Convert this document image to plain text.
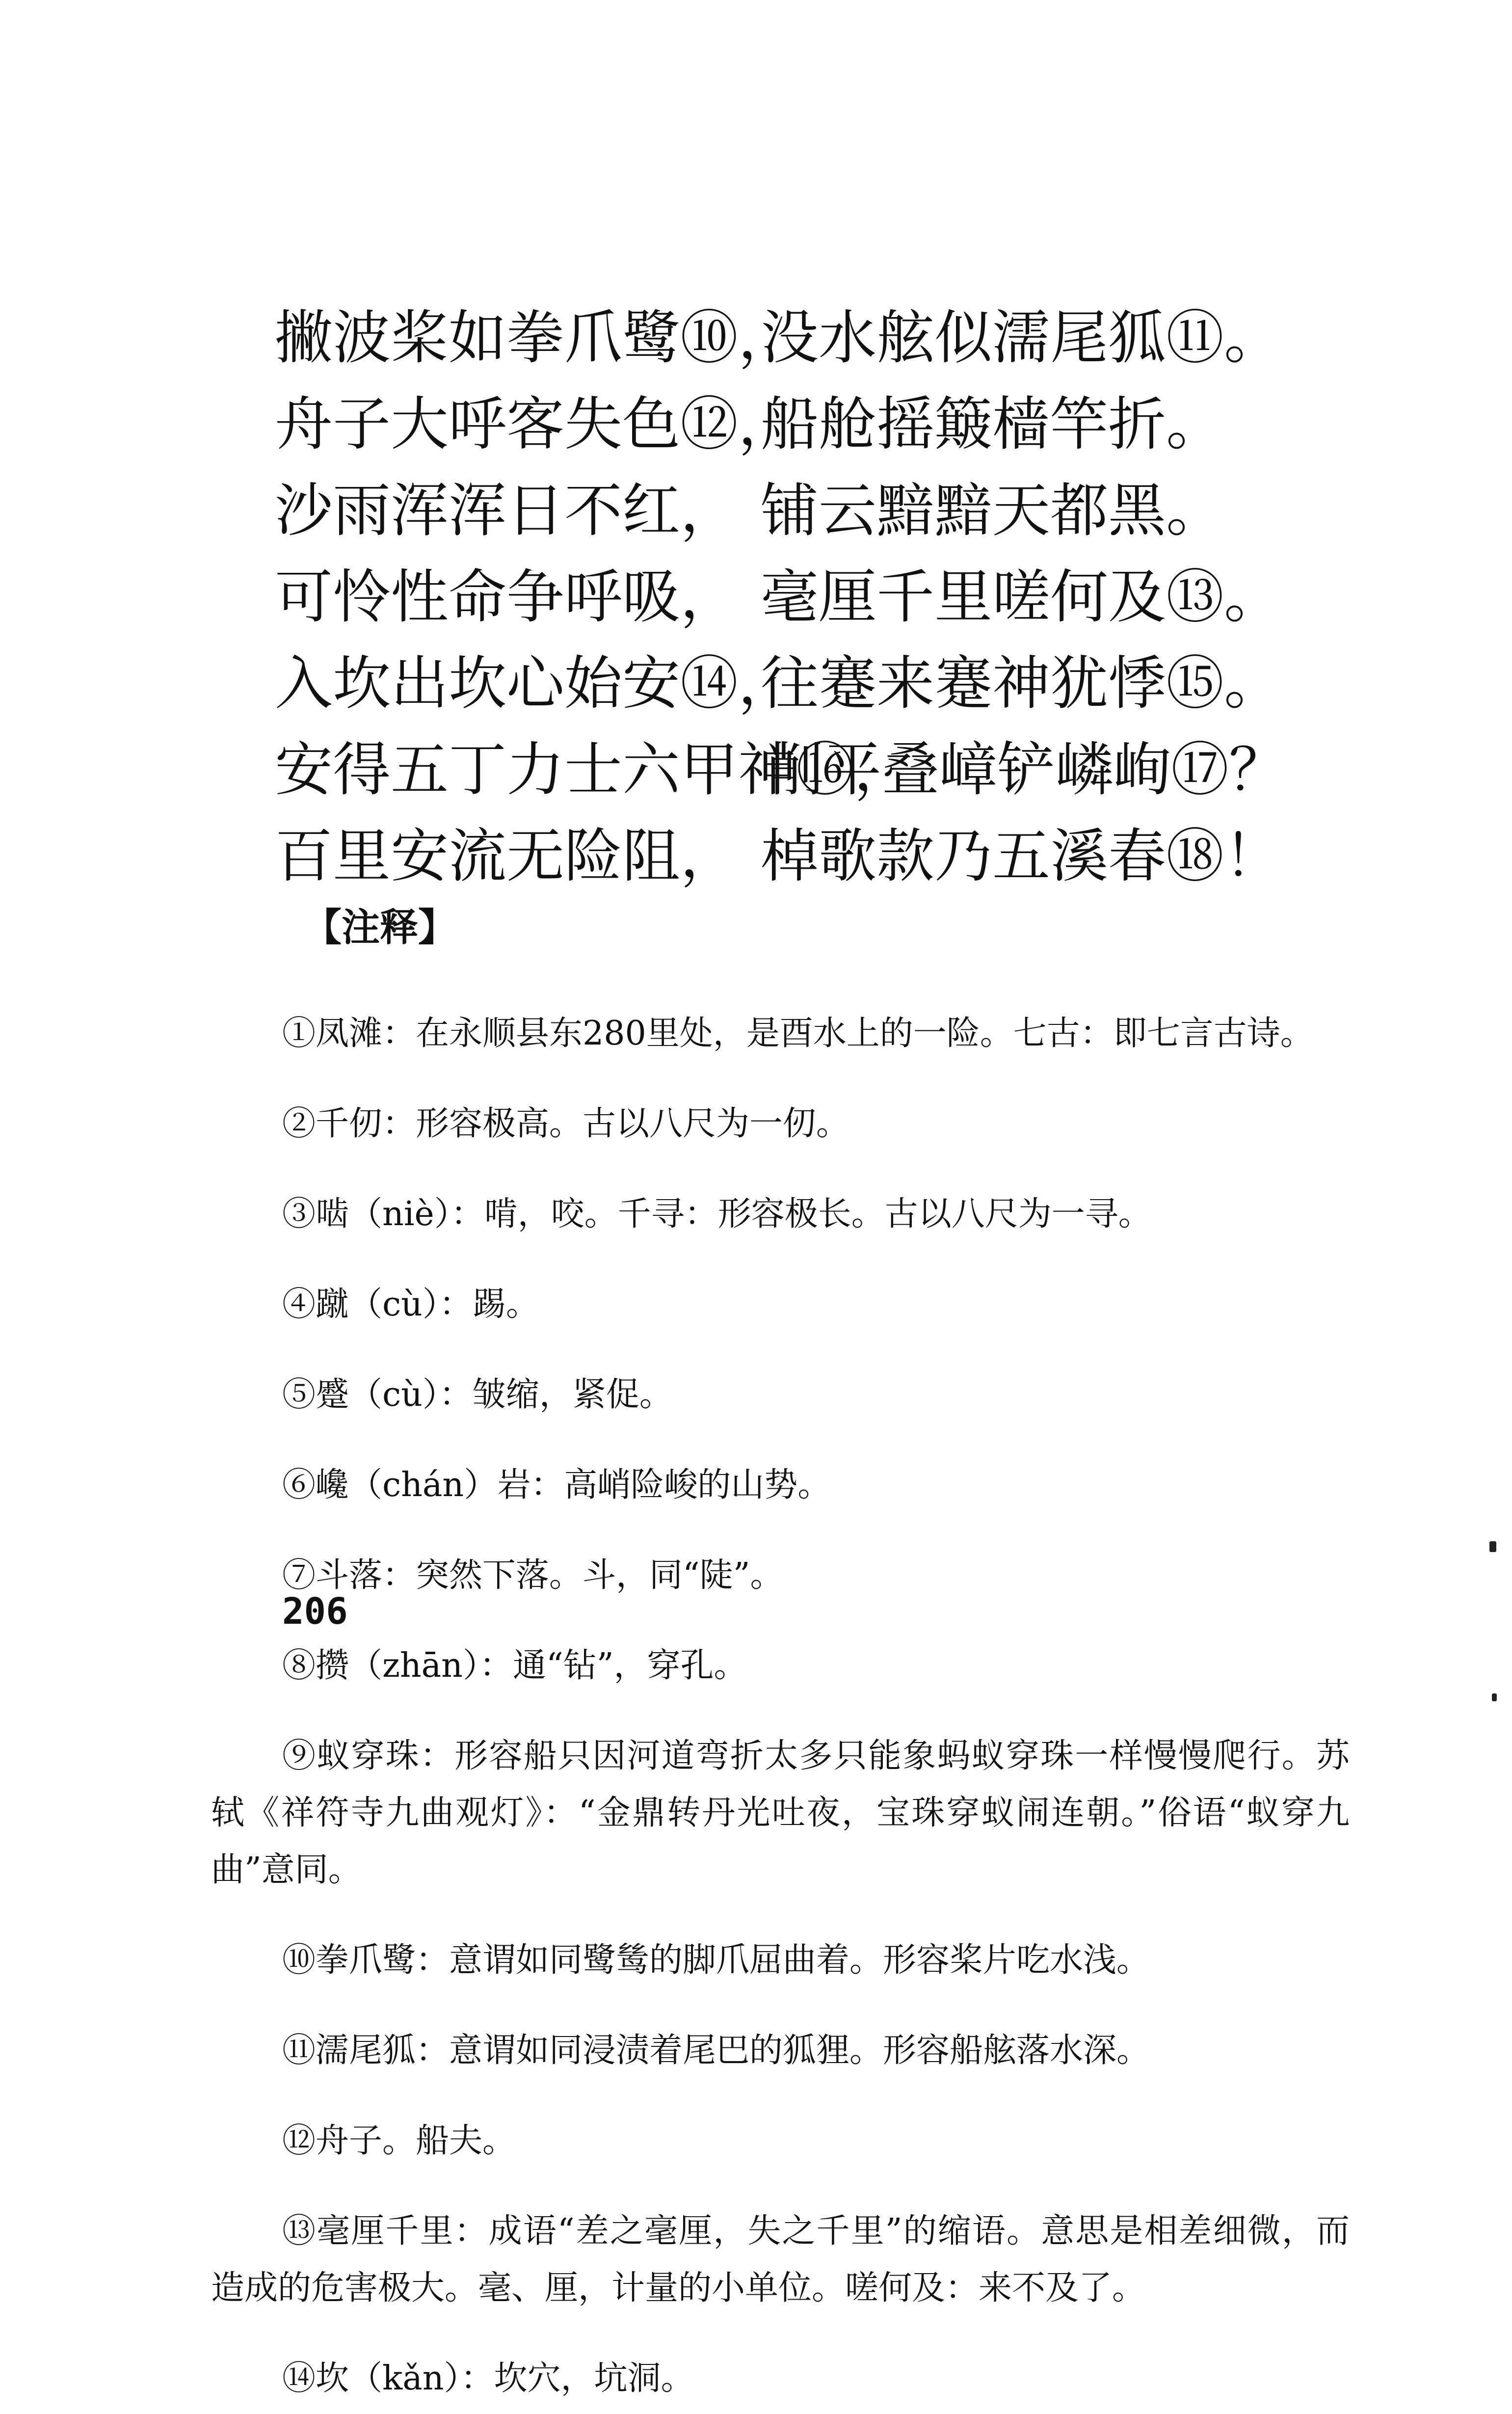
撇波桨如拳爪鹭⑩，
没水舷似濡尾狐⑪。
舟子大呼客失色⑫，
船舱摇簸樯竿折。
沙雨浑浑日不红， 铺云黯黯天都黑。
可怜性命争呼吸， 毫厘千里嗟何及⑬。
入坎出坎心始安⑭，
往蹇来蹇神犹悸⑮。
安得五丁力士六甲神⑯，
削平叠嶂铲嶙峋⑰？
百里安流无险阻， 棹歌款乃五溪春⑱！
【注释】

①凤滩：在永顺县东280里处，是酉水上的一险。七古：即七言古诗。

②千仞：形容极高。古以八尺为一仞。

③啮（niè）：啃，咬。千寻：形容极长。古以八尺为一寻。

④蹴（cù）：踢。

⑤蹙（cù）：皱缩，紧促。

⑥巉（chán）岩：高峭险峻的山势。

⑦斗落：突然下落。斗，同“陡”。

⑧攒（zhān）：通“钻”，穿孔。

⑨蚁穿珠：形容船只因河道弯折太多只能象蚂蚁穿珠一样慢慢爬行。苏轼《祥符寺九曲观灯》：“金鼎转丹光吐夜，宝珠穿蚁闹连朝。”俗语“蚁穿九曲”意同。

⑩拳爪鹭：意谓如同鹭鸶的脚爪屈曲着。形容桨片吃水浅。

⑪濡尾狐：意谓如同浸渍着尾巴的狐狸。形容船舷落水深。

⑫舟子。船夫。

⑬毫厘千里：成语“差之毫厘，失之千里”的缩语。意思是相差细微，而造成的危害极大。毫、厘，计量的小单位。嗟何及：来不及了。

⑭坎（kǎn）：坎穴，坑洞。

206
